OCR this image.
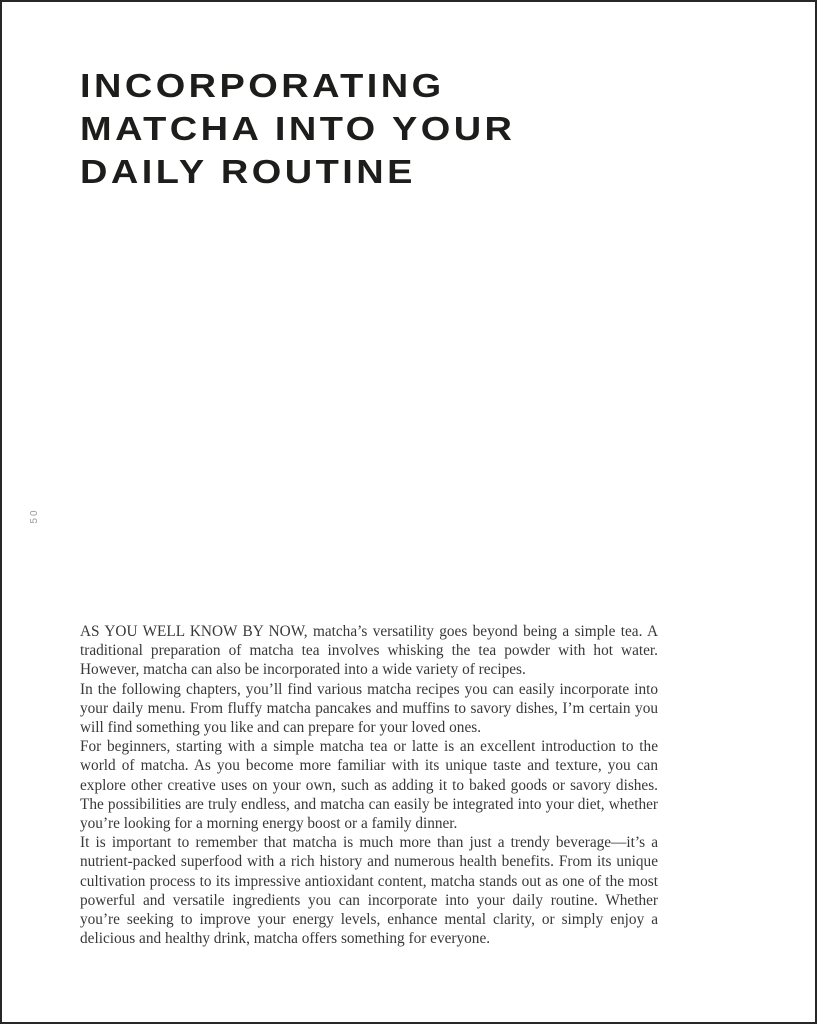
INCORPORATING
MATCHA INTO YOUR
DAILY ROUTINE
50

AS YOU WELL KNOW BY NOW, matcha’s versatility goes beyond being a simple tea. A traditional preparation of matcha tea involves whisking the tea powder with hot water. However, matcha can also be incorporated into a wide variety of recipes.

In the following chapters, you’ll find various matcha recipes you can easily incorporate into your daily menu. From fluffy matcha pancakes and muffins to savory dishes, I’m certain you will find something you like and can prepare for your loved ones.

For beginners, starting with a simple matcha tea or latte is an excellent introduction to the world of matcha. As you become more familiar with its unique taste and texture, you can explore other creative uses on your own, such as adding it to baked goods or savory dishes. The possibilities are truly endless, and matcha can easily be integrated into your diet, whether you’re looking for a morning energy boost or a family dinner.

It is important to remember that matcha is much more than just a trendy beverage—it’s a nutrient-packed superfood with a rich history and numerous health benefits. From its unique cultivation process to its impressive antioxidant content, matcha stands out as one of the most powerful and versatile ingredients you can incorporate into your daily routine. Whether you’re seeking to improve your energy levels, enhance mental clarity, or simply enjoy a delicious and healthy drink, matcha offers something for everyone.
